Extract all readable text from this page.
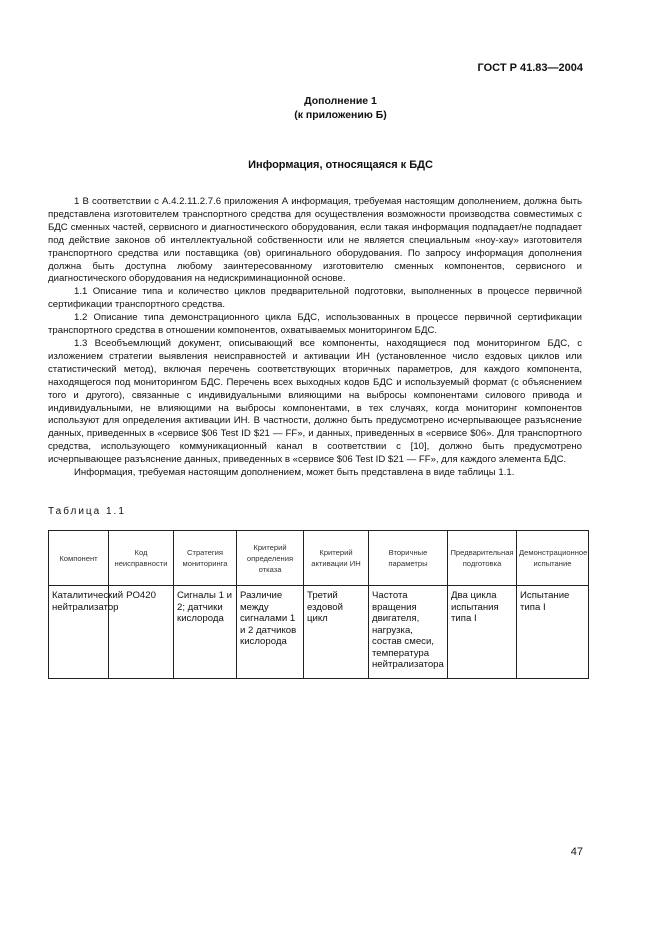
ГОСТ Р 41.83—2004
Дополнение 1
(к приложению Б)
Информация, относящаяся к БДС

1 В соответствии с А.4.2.11.2.7.6 приложения А информация, требуемая настоящим дополнением, должна быть представлена изготовителем транспортного средства для осуществления возможности производства совместимых с БДС сменных частей, сервисного и диагностического оборудования, если такая информация подпадает/не подпадает под действие законов об интеллектуальной собственности или не является специальным «ноу-хау» изготовителя транспортного средства или поставщика (ов) оригинального оборудования. По запросу информация дополнения должна быть доступна любому заинтересованному изготовителю сменных компонентов, сервисного и диагностического оборудования на недискриминационной основе.

1.1 Описание типа и количество циклов предварительной подготовки, выполненных в процессе первичной сертификации транспортного средства.

1.2 Описание типа демонстрационного цикла БДС, использованных в процессе первичной сертификации транспортного средства в отношении компонентов, охватываемых мониторингом БДС.

1.3 Всеобъемлющий документ, описывающий все компоненты, находящиеся под мониторингом БДС, с изложением стратегии выявления неисправностей и активации ИН (установленное число ездовых циклов или статистический метод), включая перечень соответствующих вторичных параметров, для каждого компонента, находящегося под мониторингом БДС. Перечень всех выходных кодов БДС и используемый формат (с объяснением того и другого), связанные с индивидуальными влияющими на выбросы компонентами силового привода и индивидуальными, не влияющими на выбросы компонентами, в тех случаях, когда мониторинг компонентов используют для определения активации ИН. В частности, должно быть предусмотрено исчерпывающее разъяснение данных, приведенных в «сервисе $06 Test ID $21 — FF», и данных, приведенных в «сервисе $06». Для транспортного средства, использующего коммуникационный канал в соответствии с [10], должно быть предусмотрено исчерпывающее разъяснение данных, приведенных в «сервисе $06 Test ID $21 — FF», для каждого элемента БДС.

Информация, требуемая настоящим дополнением, может быть представлена в виде таблицы 1.1.

Таблица 1.1
Компонент	Код неисправности	Стратегия мониторинга	Критерий определения отказа	Критерий активации ИН	Вторичные параметры	Предварительная подготовка	Демонстрационное испытание
Каталитический нейтрализатор	PO420	Сигналы 1 и 2; датчики кислорода	Различие между сигналами 1 и 2 датчиков кислорода	Третий ездовой цикл	Частота вращения двигателя, нагрузка, состав смеси, температура нейтрализатора	Два цикла испытания типа I	Испытание типа I
47
